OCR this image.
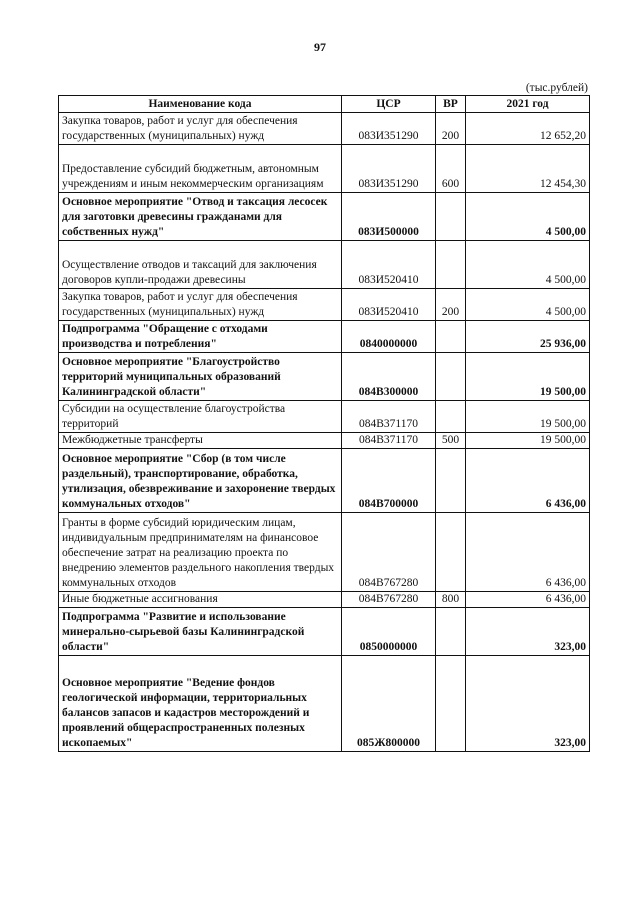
97
(тыс.рублей)
Наименование кода	ЦСР	ВР	2021 год
Закупка товаров, работ и услуг для обеспечения государственных (муниципальных) нужд	083И351290	200	12 652,20
Предоставление субсидий бюджетным, автономным учреждениям и иным некоммерческим организациям	083И351290	600	12 454,30
Основное мероприятие "Отвод и таксация лесосек для заготовки древесины гражданами для собственных нужд"	083И500000		4 500,00
Осуществление отводов и таксаций для заключения договоров купли-продажи древесины	083И520410		4 500,00
Закупка товаров, работ и услуг для обеспечения государственных (муниципальных) нужд	083И520410	200	4 500,00
Подпрограмма "Обращение с отходами производства и потребления"	0840000000		25 936,00
Основное мероприятие "Благоустройство территорий муниципальных образований Калининградской области"	084В300000		19 500,00
Субсидии на осуществление благоустройства территорий	084В371170		19 500,00
Межбюджетные трансферты	084В371170	500	19 500,00
Основное мероприятие "Сбор (в том числе раздельный), транспортирование, обработка, утилизация, обезвреживание и захоронение твердых коммунальных отходов"	084В700000		6 436,00
Гранты в форме субсидий юридическим лицам, индивидуальным предпринимателям на финансовое обеспечение затрат на реализацию проекта по внедрению элементов раздельного накопления твердых коммунальных отходов	084В767280		6 436,00
Иные бюджетные ассигнования	084В767280	800	6 436,00
Подпрограмма "Развитие и использование минерально-сырьевой базы Калининградской области"	0850000000		323,00
Основное мероприятие "Ведение фондов геологической информации, территориальных балансов запасов и кадастров месторождений и проявлений общераспространенных полезных ископаемых"	085Ж800000		323,00
